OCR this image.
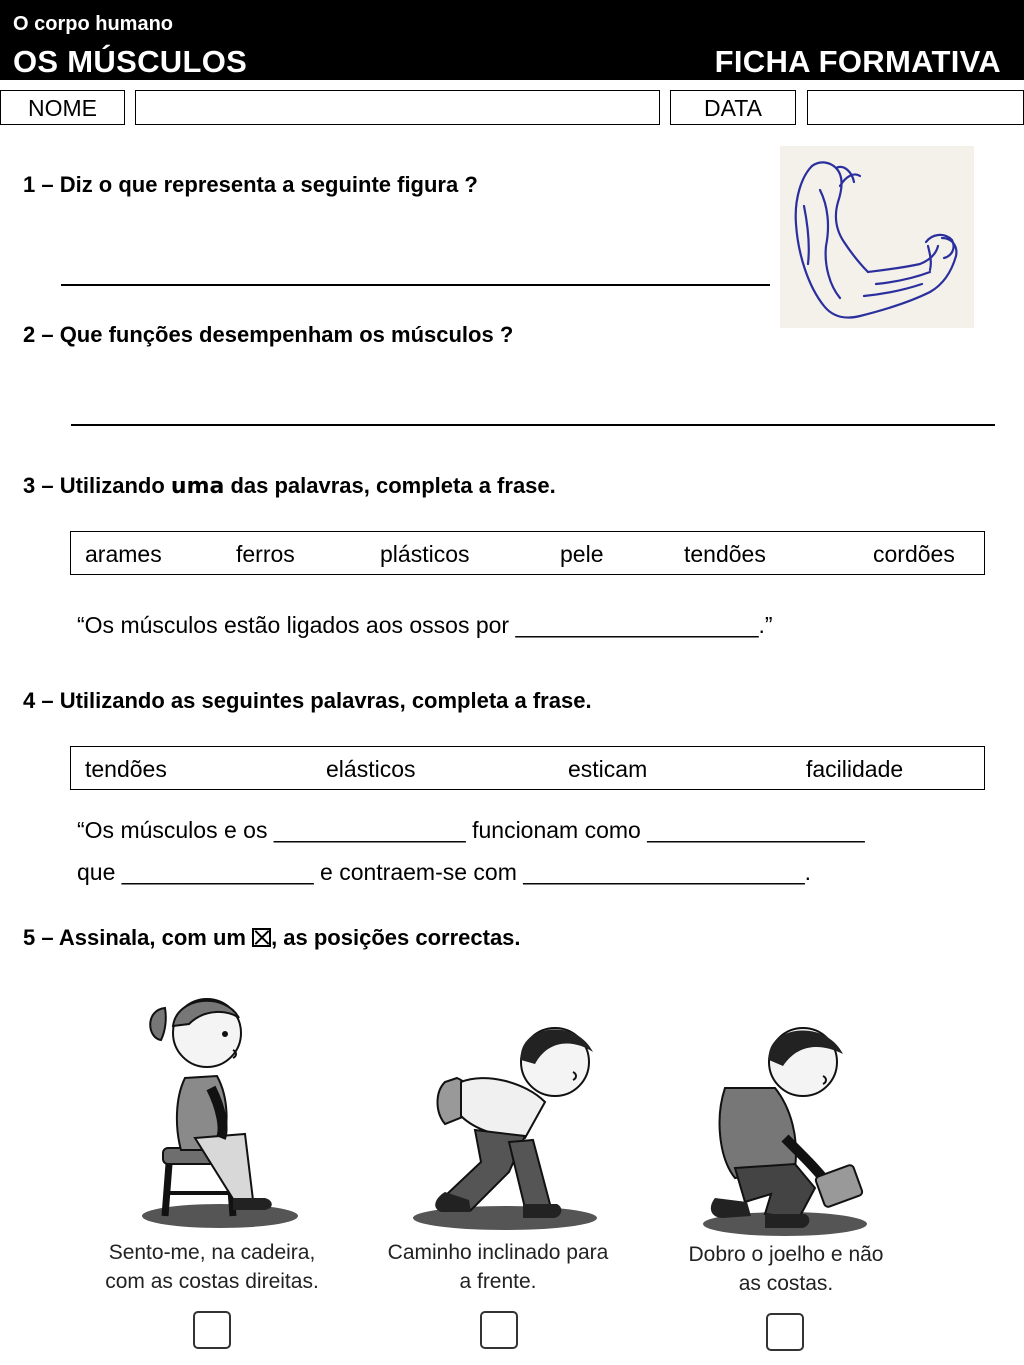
O corpo humano
OS MÚSCULOS	FICHA FORMATIVA
NOME	DATA
1 – Diz o que representa a seguinte figura ?
2 – Que funções desempenham os músculos ?
3 – Utilizando uma das palavras, completa a frase.
arames	ferros	plásticos	pele	tendões	cordões
“Os músculos estão ligados aos ossos por ___________________.”
4 – Utilizando as seguintes palavras, completa a frase.
tendões	elásticos	esticam	facilidade
“Os músculos e os _______________ funcionam como _________________
que _______________ e contraem-se com ______________________.
5 – Assinala, com um , as posições correctas.
Sento-me, na cadeira,
com as costas direitas.
Caminho inclinado para
a frente.
Dobro o joelho e não
as costas.
